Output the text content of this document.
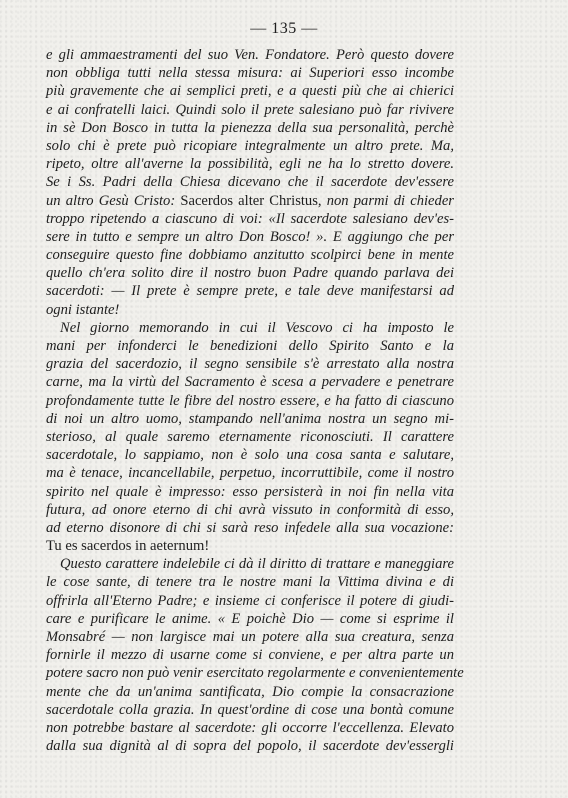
— 135 —
e gli ammaestramenti del suo Ven. Fondatore. Però questo dovere
non obbliga tutti nella stessa misura: ai Superiori esso incombe
più gravemente che ai semplici preti, e a questi più che ai chierici
e ai confratelli laici. Quindi solo il prete salesiano può far rivivere
in sè Don Bosco in tutta la pienezza della sua personalità, perchè
solo chi è prete può ricopiare integralmente un altro prete. Ma,
ripeto, oltre all'averne la possibilità, egli ne ha lo stretto dovere.
Se i Ss. Padri della Chiesa dicevano che il sacerdote dev'essere
un altro Gesù Cristo: Sacerdos alter Christus, non parmi di chieder
troppo ripetendo a ciascuno di voi: «Il sacerdote salesiano dev'es-
sere in tutto e sempre un altro Don Bosco! ». E aggiungo che per
conseguire questo fine dobbiamo anzitutto scolpirci bene in mente
quello ch'era solito dire il nostro buon Padre quando parlava dei
sacerdoti: — Il prete è sempre prete, e tale deve manifestarsi ad
ogni istante!
Nel giorno memorando in cui il Vescovo ci ha imposto le
mani per infonderci le benedizioni dello Spirito Santo e la
grazia del sacerdozio, il segno sensibile s'è arrestato alla nostra
carne, ma la virtù del Sacramento è scesa a pervadere e penetrare
profondamente tutte le fibre del nostro essere, e ha fatto di ciascuno
di noi un altro uomo, stampando nell'anima nostra un segno mi-
sterioso, al quale saremo eternamente riconosciuti. Il carattere
sacerdotale, lo sappiamo, non è solo una cosa santa e salutare,
ma è tenace, incancellabile, perpetuo, incorruttibile, come il nostro
spirito nel quale è impresso: esso persisterà in noi fin nella vita
futura, ad onore eterno di chi avrà vissuto in conformità di esso,
ad eterno disonore di chi si sarà reso infedele alla sua vocazione:
Tu es sacerdos in aeternum!
Questo carattere indelebile ci dà il diritto di trattare e maneggiare
le cose sante, di tenere tra le nostre mani la Vittima divina e di
offrirla all'Eterno Padre; e insieme ci conferisce il potere di giudi-
care e purificare le anime. « E poichè Dio — come si esprime il
Monsabré — non largisce mai un potere alla sua creatura, senza
fornirle il mezzo di usarne come si conviene, e per altra parte un
potere sacro non può venir esercitato regolarmente e convenientemente
mente che da un'anima santificata, Dio compie la consacrazione
sacerdotale colla grazia. In quest'ordine di cose una bontà comune
non potrebbe bastare al sacerdote: gli occorre l'eccellenza. Elevato
dalla sua dignità al di sopra del popolo, il sacerdote dev'essergli
